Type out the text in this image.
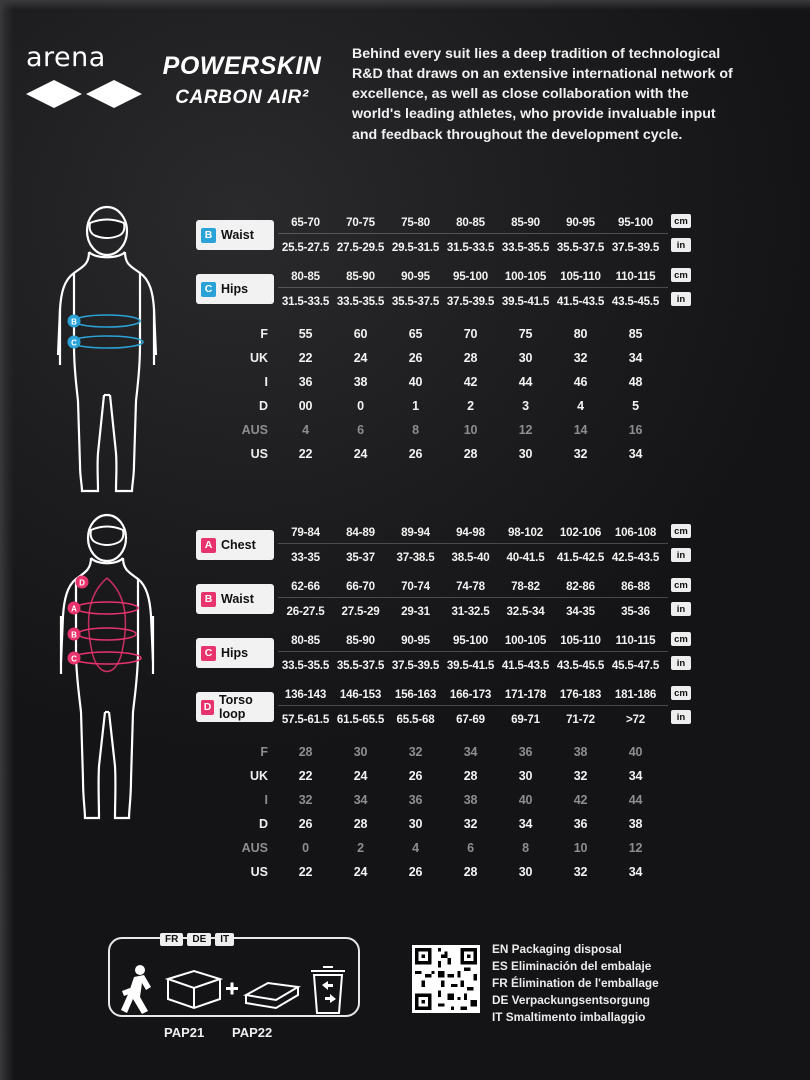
arena	POWERSKIN
CARBON AIR²
Behind every suit lies a deep tradition of technological R&D that draws on an extensive international network of excellence, as well as close collaboration with the world's leading athletes, who provide invaluable input and feedback throughout the development cycle.
B
C
D
A
B
C
B Waist
65-70	70-75	75-80	80-85	85-90	90-95	95-100
25.5-27.5 27.5-29.5 29.5-31.5 31.5-33.5 33.5-35.5 35.5-37.5 37.5-39.5
cm
in
C Hips
80-85	85-90	90-95	95-100	100-105	105-110	110-115
31.5-33.5 33.5-35.5 35.5-37.5 37.5-39.5 39.5-41.5 41.5-43.5 43.5-45.5
cm
in
F	55	60	65	70	75	80	85
UK	22	24	26	28	30	32	34
I	36	38	40	42	44	46	48
D	00	0	1	2	3	4	5
AUS	4	6	8	10	12	14	16
US	22	24	26	28	30	32	34
A Chest
79-84	84-89	89-94	94-98	98-102	102-106	106-108
33-35	35-37	37-38.5	38.5-40	40-41.5	41.5-42.5 42.5-43.5
cm
in
B Waist
62-66	66-70	70-74	74-78	78-82	82-86	86-88
26-27.5	27.5-29	29-31	31-32.5	32.5-34	34-35	35-36
cm
in
C Hips
80-85	85-90	90-95	95-100	100-105	105-110	110-115
33.5-35.5 35.5-37.5 37.5-39.5 39.5-41.5 41.5-43.5 43.5-45.5 45.5-47.5
cm
in
D Torso loop
136-143	146-153	156-163	166-173	171-178	176-183	181-186
57.5-61.5 61.5-65.5	65.5-68	67-69	69-71	71-72	>72
cm
in
F	28	30	32	34	36	38	40
UK	22	24	26	28	30	32	34
I	32	34	36	38	40	42	44
D	26	28	30	32	34	36	38
AUS	0	2	4	6	8	10	12
US	22	24	26	28	30	32	34
FR	DE	IT
PAP21 PAP22
EN Packaging disposal
ES Eliminación del embalaje
FR Élimination de l'emballage
DE Verpackungsentsorgung
IT Smaltimento imballaggio
